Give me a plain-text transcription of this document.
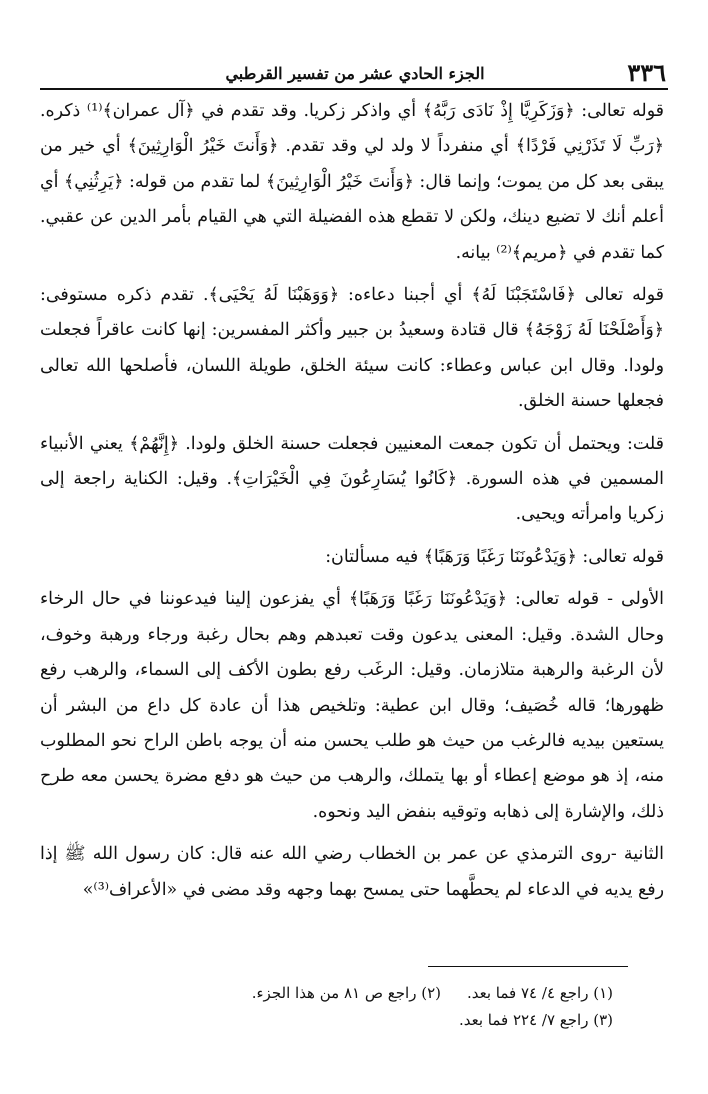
٣٣٦
الجزء الحادي عشر من تفسير القرطبي

قوله تعالى: ﴿وَزَكَرِيَّا إِذْ نَادَى رَبَّهُ﴾ أي واذكر زكريا. وقد تقدم في ﴿آل عمران﴾⁽¹⁾ ذكره. ﴿رَبِّ لَا تَذَرْنِي فَرْدًا﴾ أي منفرداً لا ولد لي وقد تقدم. ﴿وَأَنتَ خَيْرُ الْوَارِثِينَ﴾ أي خير من يبقى بعد كل من يموت؛ وإنما قال: ﴿وَأَنتَ خَيْرُ الْوَارِثِينَ﴾ لما تقدم من قوله: ﴿يَرِثُنِي﴾ أي أعلم أنك لا تضيع دينك، ولكن لا تقطع هذه الفضيلة التي هي القيام بأمر الدين عن عقبي. كما تقدم في ﴿مريم﴾⁽²⁾ بيانه.

قوله تعالى ﴿فَاسْتَجَبْنَا لَهُ﴾ أي أجبنا دعاءه: ﴿وَوَهَبْنَا لَهُ يَحْيَى﴾. تقدم ذكره مستوفى: ﴿وَأَصْلَحْنَا لَهُ زَوْجَهُ﴾ قال قتادة وسعيدُ بن جبير وأكثر المفسرين: إنها كانت عاقراً فجعلت ولودا. وقال ابن عباس وعطاء: كانت سيئة الخلق، طويلة اللسان، فأصلحها الله تعالى فجعلها حسنة الخلق.

قلت: ويحتمل أن تكون جمعت المعنيين فجعلت حسنة الخلق ولودا. ﴿إِنَّهُمْ﴾ يعني الأنبياء المسمين في هذه السورة. ﴿كَانُوا يُسَارِعُونَ فِي الْخَيْرَاتِ﴾. وقيل: الكناية راجعة إلى زكريا وامرأته ويحيى.

قوله تعالى: ﴿وَيَدْعُونَنَا رَغَبًا وَرَهَبًا﴾ فيه مسألتان:

الأولى - قوله تعالى: ﴿وَيَدْعُونَنَا رَغَبًا وَرَهَبًا﴾ أي يفزعون إلينا فيدعوننا في حال الرخاء وحال الشدة. وقيل: المعنى يدعون وقت تعبدهم وهم بحال رغبة ورجاء ورهبة وخوف، لأن الرغبة والرهبة متلازمان. وقيل: الرغَب رفع بطون الأكف إلى السماء، والرهب رفع ظهورها؛ قاله خُصَيف؛ وقال ابن عطية: وتلخيص هذا أن عادة كل داع من البشر أن يستعين بيديه فالرغب من حيث هو طلب يحسن منه أن يوجه باطن الراح نحو المطلوب منه، إذ هو موضع إعطاء أو بها يتملك، والرهب من حيث هو دفع مضرة يحسن معه طرح ذلك، والإشارة إلى ذهابه وتوقيه بنفض اليد ونحوه.

الثانية -روى الترمذي عن عمر بن الخطاب رضي الله عنه قال: كان رسول الله ﷺ إذا رفع يديه في الدعاء لم يحطَّهما حتى يمسح بهما وجهه وقد مضى في «الأعراف⁽³⁾»

(١) راجع ٤/ ٧٤ فما بعد.(٢) راجع ص ٨١ من هذا الجزء.
(٣) راجع ٧/ ٢٢٤ فما بعد.
